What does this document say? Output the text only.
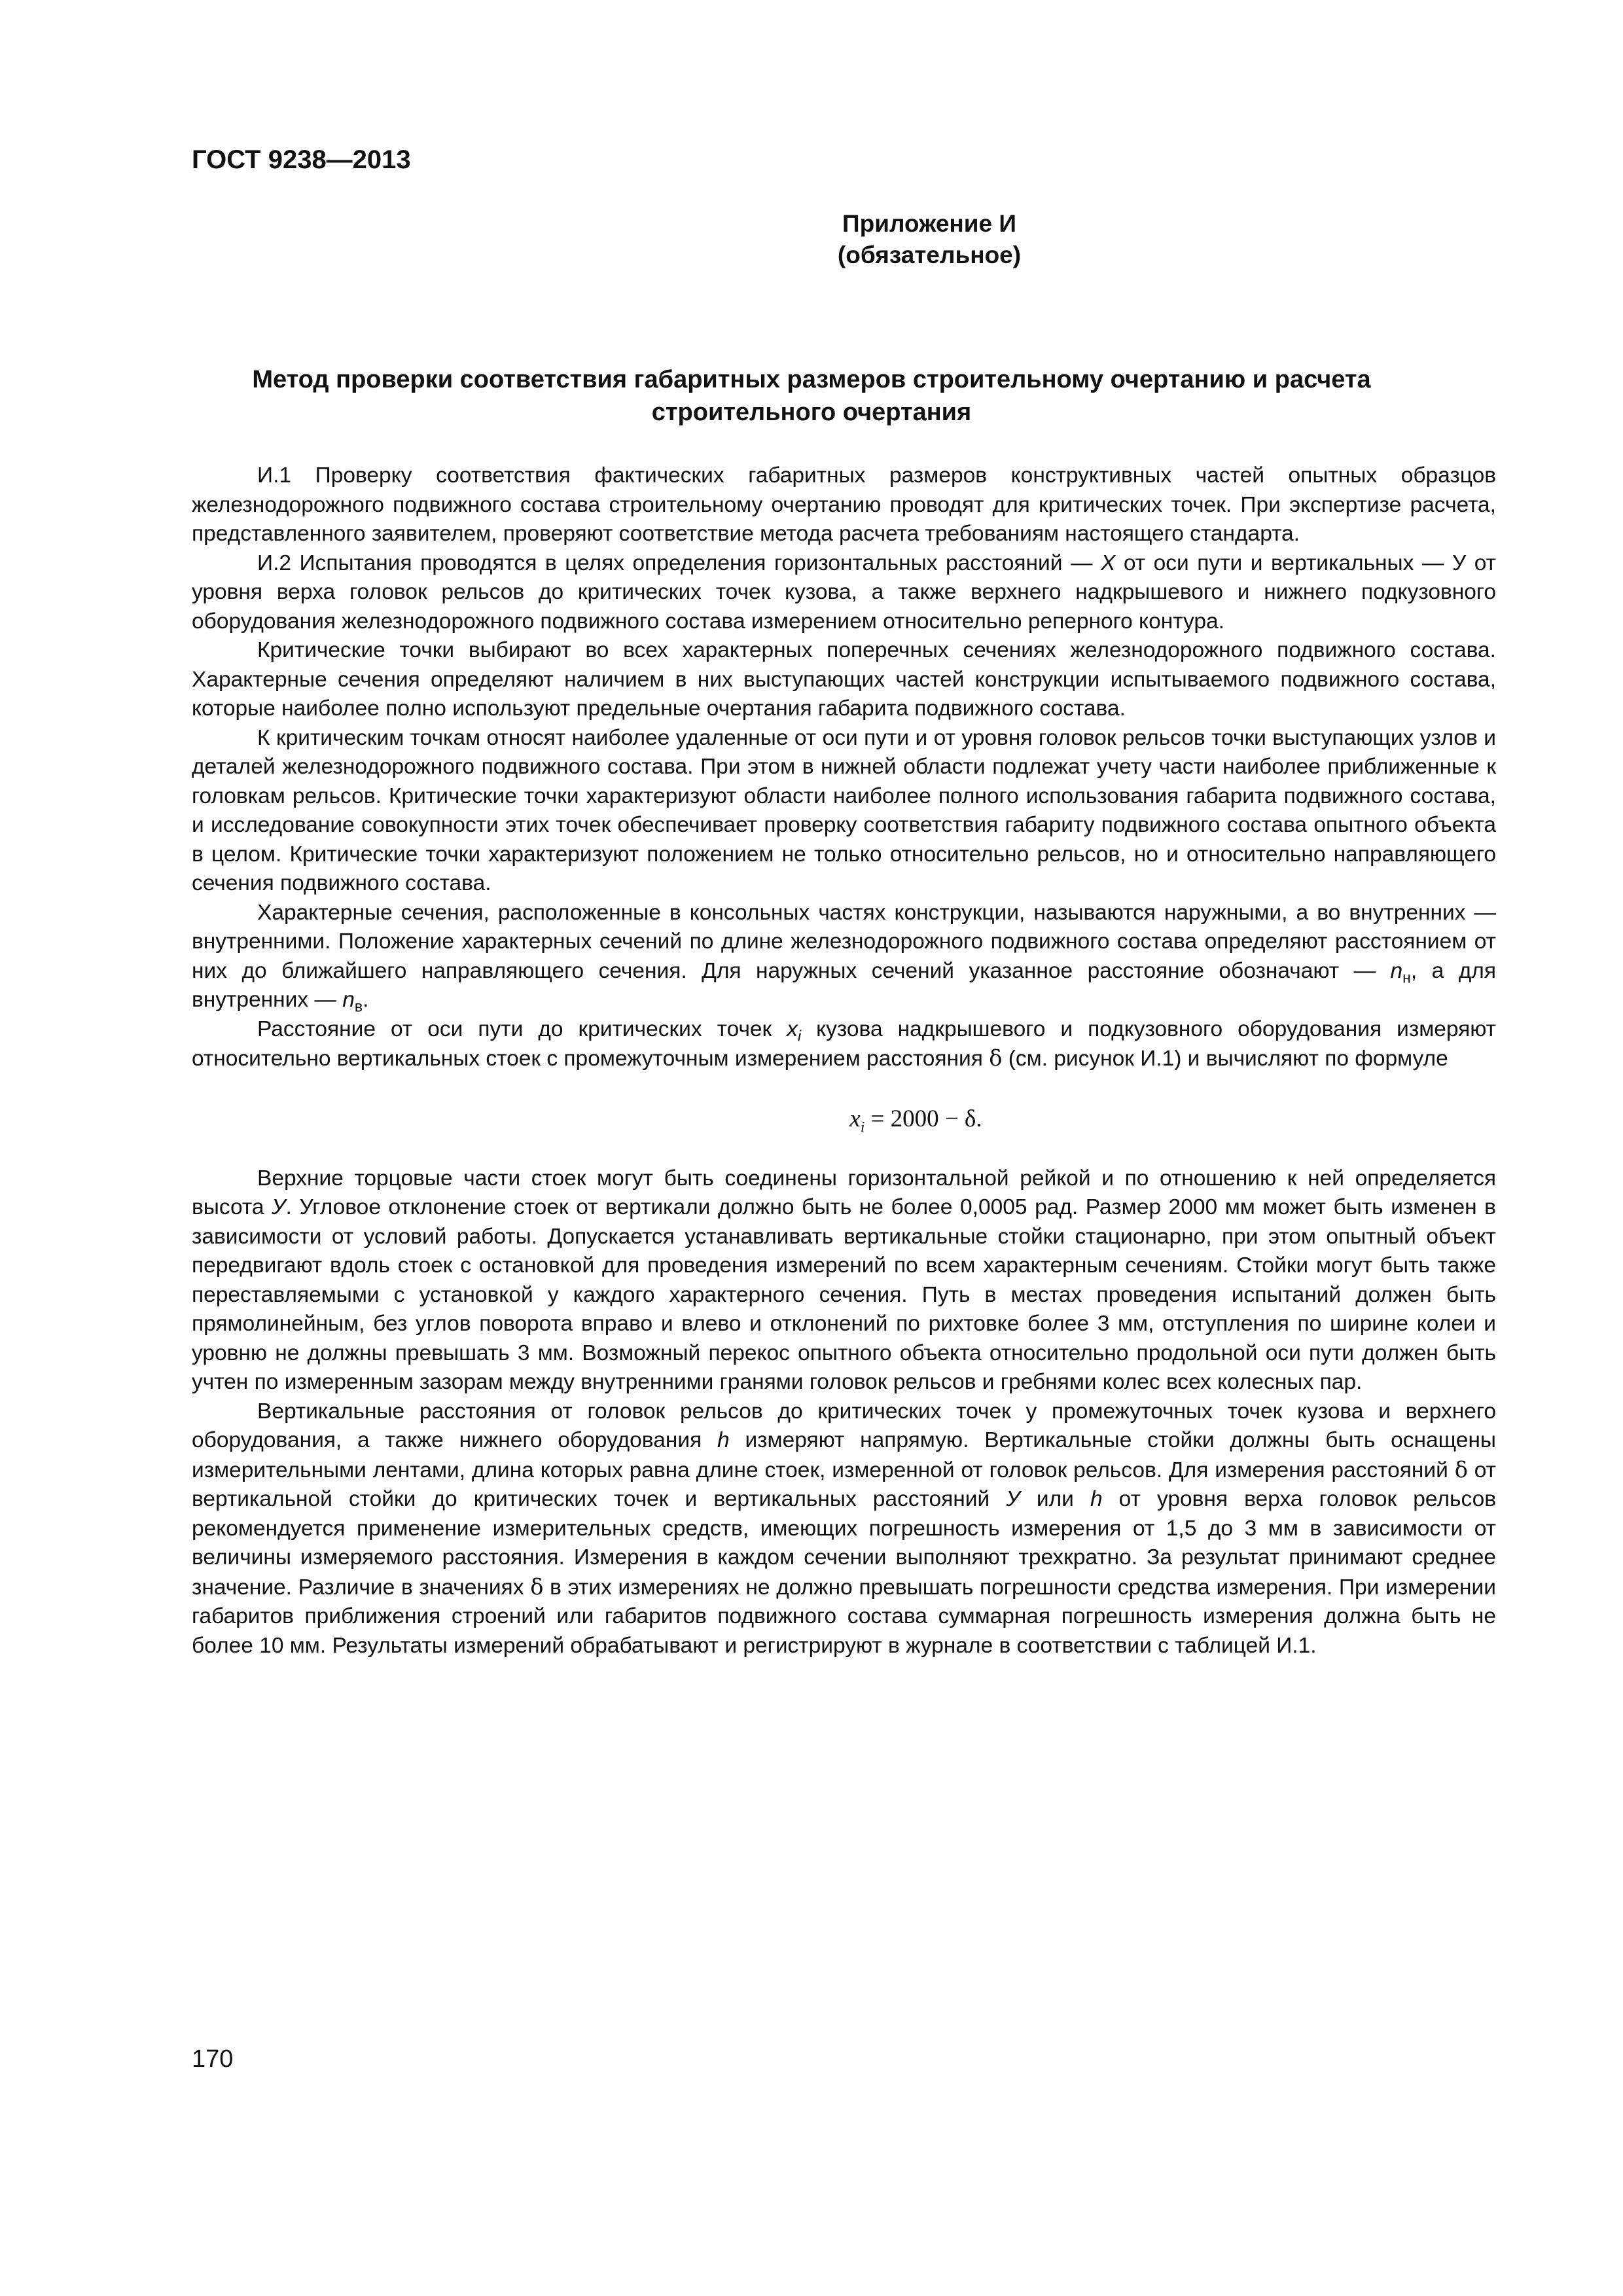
ГОСТ 9238—2013
Приложение И
(обязательное)
Метод проверки соответствия габаритных размеров строительному очертанию и расчета строительного очертания

И.1 Проверку соответствия фактических габаритных размеров конструктивных частей опытных образцов железнодорожного подвижного состава строительному очертанию проводят для критических точек. При экспертизе расчета, представленного заявителем, проверяют соответствие метода расчета требованиям настоящего стандарта.

И.2 Испытания проводятся в целях определения горизонтальных расстояний — X от оси пути и вертикальных — У от уровня верха головок рельсов до критических точек кузова, а также верхнего надкрышевого и нижнего подкузовного оборудования железнодорожного подвижного состава измерением относительно реперного контура.

Критические точки выбирают во всех характерных поперечных сечениях железнодорожного подвижного состава. Характерные сечения определяют наличием в них выступающих частей конструкции испытываемого подвижного состава, которые наиболее полно используют предельные очертания габарита подвижного состава.

К критическим точкам относят наиболее удаленные от оси пути и от уровня головок рельсов точки выступающих узлов и деталей железнодорожного подвижного состава. При этом в нижней области подлежат учету части наиболее приближенные к головкам рельсов. Критические точки характеризуют области наиболее полного использования габарита подвижного состава, и исследование совокупности этих точек обеспечивает проверку соответствия габариту подвижного состава опытного объекта в целом. Критические точки характеризуют положением не только относительно рельсов, но и относительно направляющего сечения подвижного состава.

Характерные сечения, расположенные в консольных частях конструкции, называются наружными, а во внутренних — внутренними. Положение характерных сечений по длине железнодорожного подвижного состава определяют расстоянием от них до ближайшего направляющего сечения. Для наружных сечений указанное расстояние обозначают — $n_н$, а для внутренних — $n_в$.

Расстояние от оси пути до критических точек $x_i$ кузова надкрышевого и подкузовного оборудования измеряют относительно вертикальных стоек с промежуточным измерением расстояния δ (см. рисунок И.1) и вычисляют по формуле

$x_i = 2000 - \delta$.

Верхние торцовые части стоек могут быть соединены горизонтальной рейкой и по отношению к ней определяется высота У. Угловое отклонение стоек от вертикали должно быть не более 0,0005 рад. Размер 2000 мм может быть изменен в зависимости от условий работы. Допускается устанавливать вертикальные стойки стационарно, при этом опытный объект передвигают вдоль стоек с остановкой для проведения измерений по всем характерным сечениям. Стойки могут быть также переставляемыми с установкой у каждого характерного сечения. Путь в местах проведения испытаний должен быть прямолинейным, без углов поворота вправо и влево и отклонений по рихтовке более 3 мм, отступления по ширине колеи и уровню не должны превышать 3 мм. Возможный перекос опытного объекта относительно продольной оси пути должен быть учтен по измеренным зазорам между внутренними гранями головок рельсов и гребнями колес всех колесных пар.

Вертикальные расстояния от головок рельсов до критических точек у промежуточных точек кузова и верхнего оборудования, а также нижнего оборудования h измеряют напрямую. Вертикальные стойки должны быть оснащены измерительными лентами, длина которых равна длине стоек, измеренной от головок рельсов. Для измерения расстояний δ от вертикальной стойки до критических точек и вертикальных расстояний У или h от уровня верха головок рельсов рекомендуется применение измерительных средств, имеющих погрешность измерения от 1,5 до 3 мм в зависимости от величины измеряемого расстояния. Измерения в каждом сечении выполняют трехкратно. За результат принимают среднее значение. Различие в значениях δ в этих измерениях не должно превышать погрешности средства измерения. При измерении габаритов приближения строений или габаритов подвижного состава суммарная погрешность измерения должна быть не более 10 мм. Результаты измерений обрабатывают и регистрируют в журнале в соответствии с таблицей И.1.

170
